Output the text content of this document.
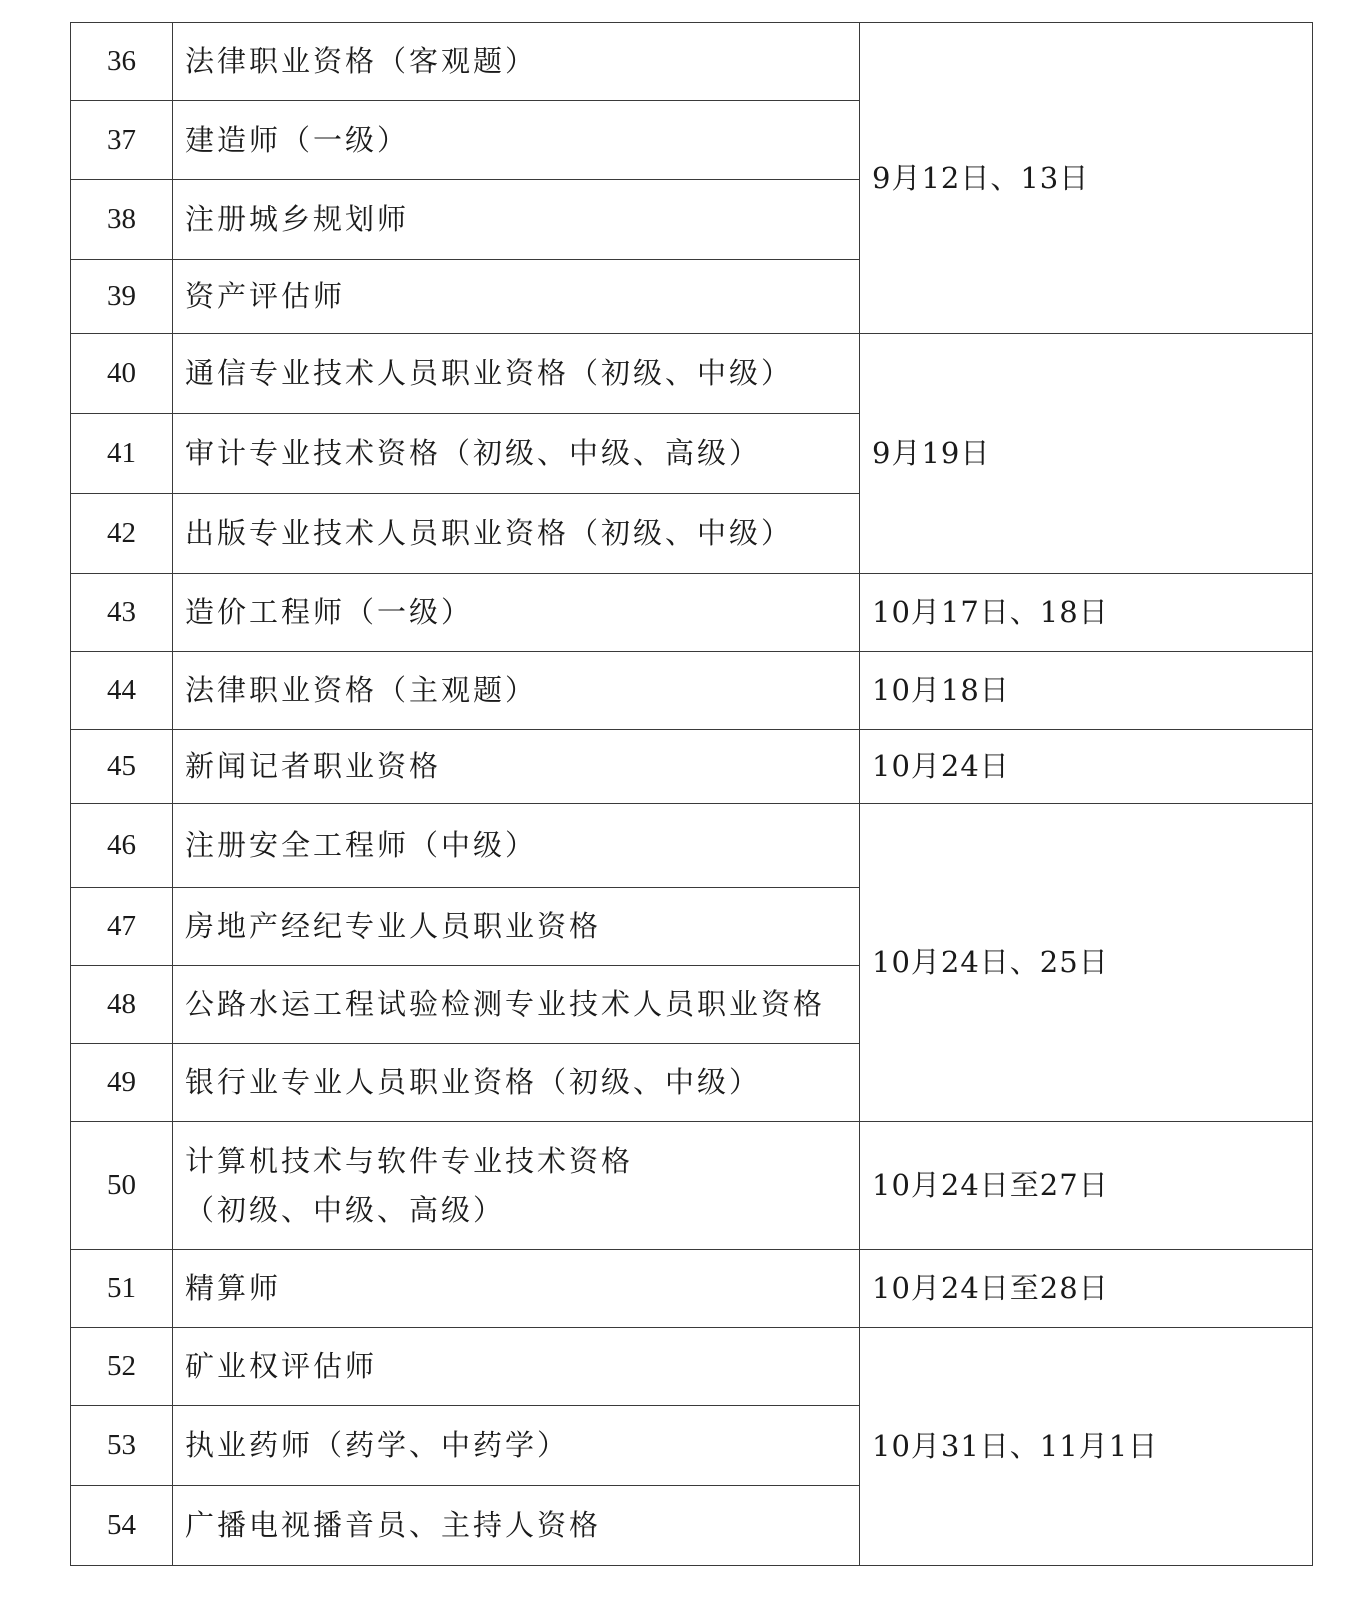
36	法律职业资格（客观题）	9月12日、13日
37	建造师（一级）	
38	注册城乡规划师	
39	资产评估师	
40	通信专业技术人员职业资格（初级、中级）	9月19日
41	审计专业技术资格（初级、中级、高级）	
42	出版专业技术人员职业资格（初级、中级）	
43	造价工程师（一级）	10月17日、18日
44	法律职业资格（主观题）	10月18日
45	新闻记者职业资格	10月24日
46	注册安全工程师（中级）	10月24日、25日
47	房地产经纪专业人员职业资格	
48	公路水运工程试验检测专业技术人员职业资格	
49	银行业专业人员职业资格（初级、中级）	
50	计算机技术与软件专业技术资格
（初级、中级、高级）	10月24日至27日
51	精算师	10月24日至28日
52	矿业权评估师	10月31日、11月1日
53	执业药师（药学、中药学）	
54	广播电视播音员、主持人资格	
